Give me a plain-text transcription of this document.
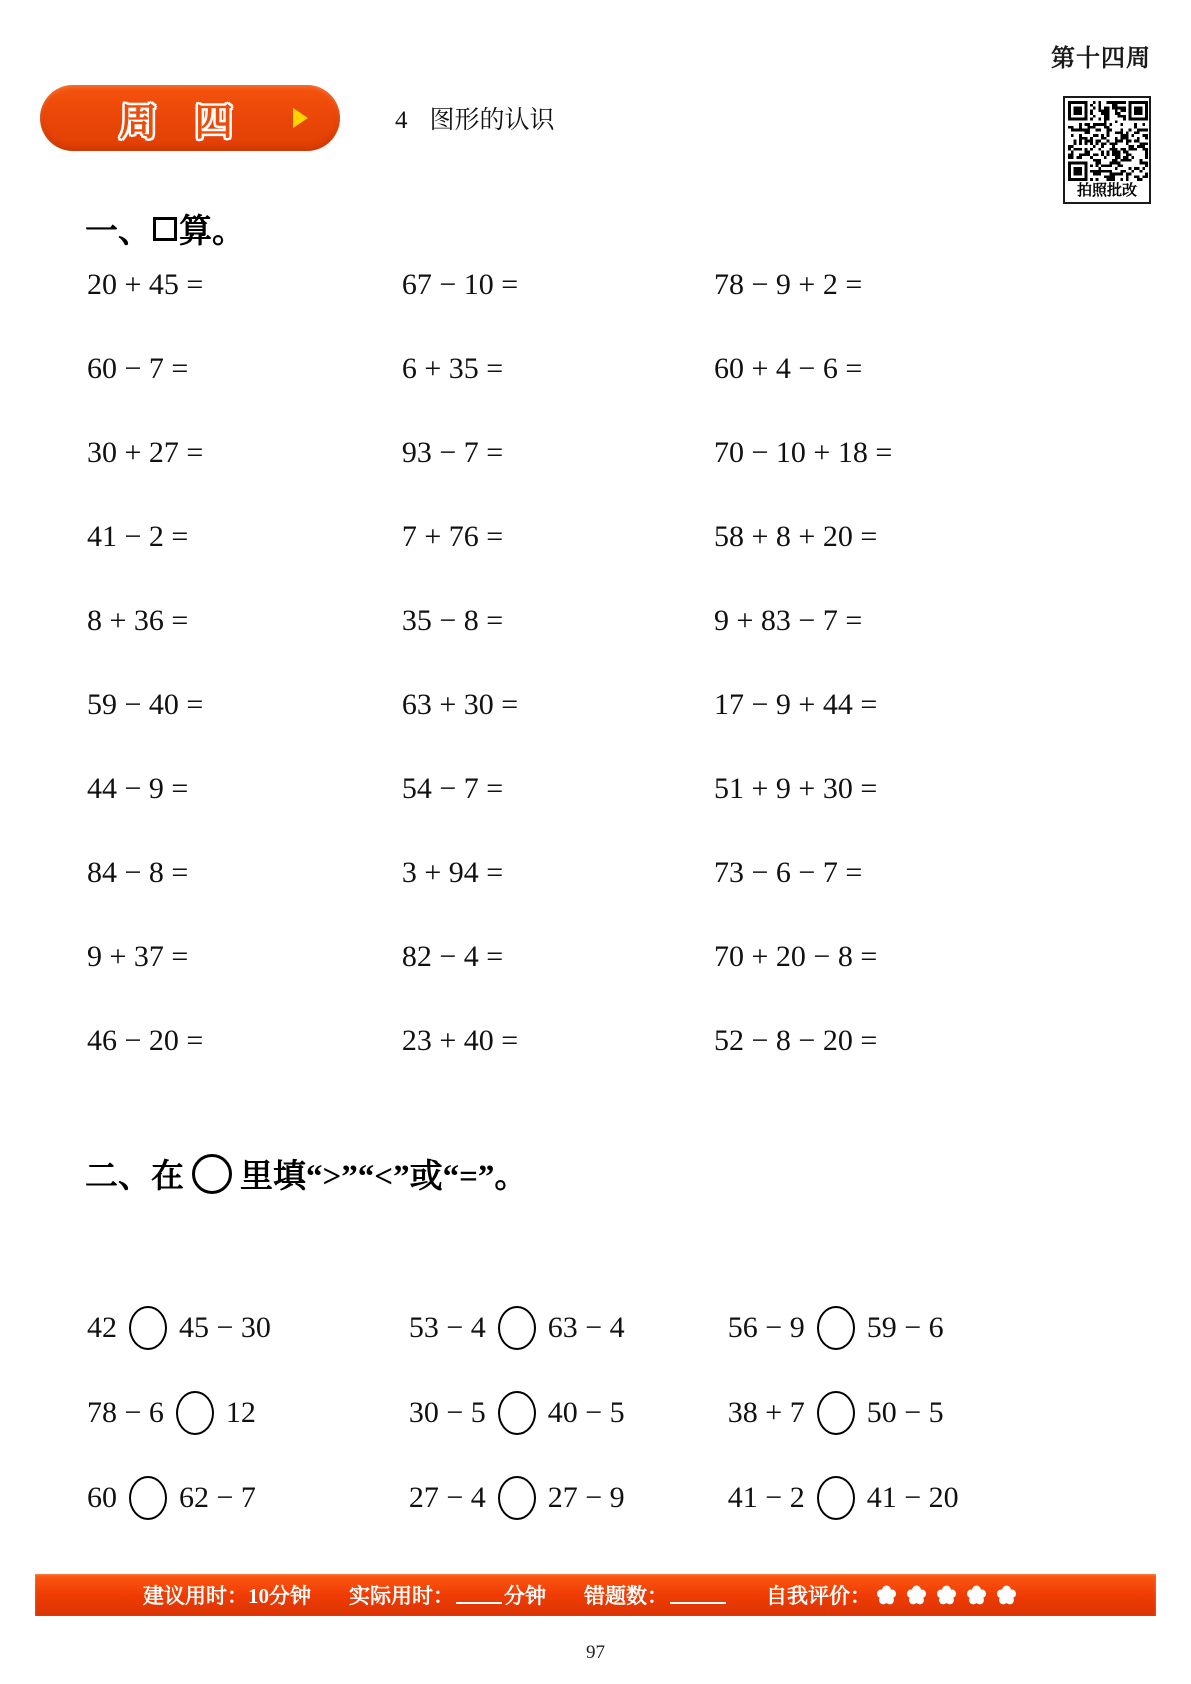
第十四周
拍照批改
周 四	4 图形的认识
一、 算。
20 + 45 =	67 − 10 =	78 − 9 + 2 =
60 − 7 =	6 + 35 =	60 + 4 − 6 =
30 + 27 =	93 − 7 =	70 − 10 + 18 =
41 − 2 =	7 + 76 =	58 + 8 + 20 =
8 + 36 =	35 − 8 =	9 + 83 − 7 =
59 − 40 =	63 + 30 =	17 − 9 + 44 =
44 − 9 =	54 − 7 =	51 + 9 + 30 =
84 − 8 =	3 + 94 =	73 − 6 − 7 =
9 + 37 =	82 − 4 =	70 + 20 − 8 =
46 − 20 =	23 + 40 =	52 − 8 − 20 =
二、在 里填“>”“<”或“=”。
42 45 − 30	53 − 4 63 − 4	56 − 9 59 − 6
78 − 6 12	30 − 5 40 − 5	38 + 7 50 − 5
60 62 − 7	27 − 4 27 − 9	41 − 2 41 − 20
建议用时：10分钟 实际用时： 分钟 错题数：	自我评价：
97
